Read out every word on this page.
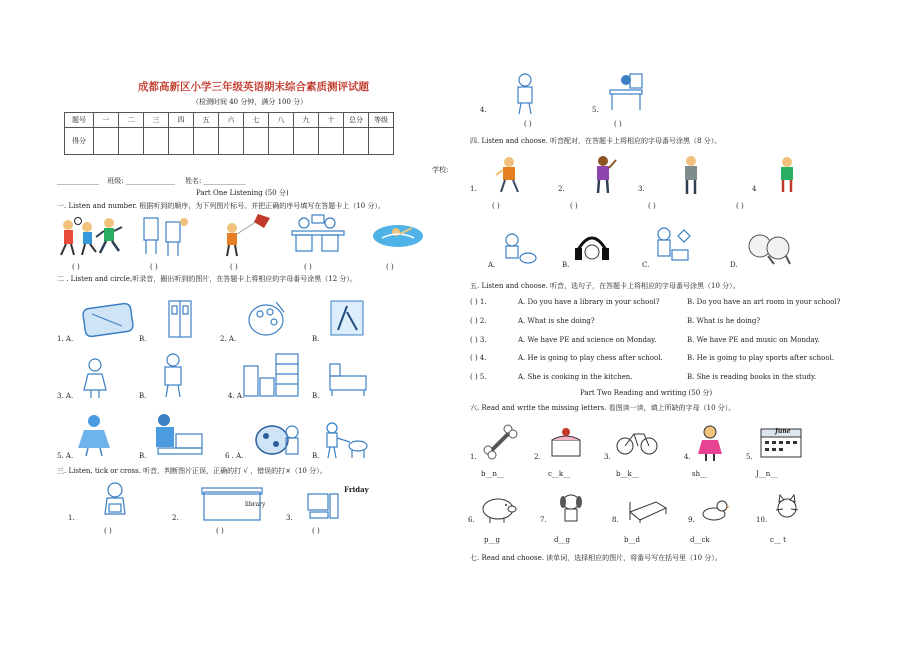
成都高新区小学三年级英语期末综合素质测评试题
（检测时间 40 分钟，满分 100 分）
题号	一	二	三	四	五	六	七	八	九	十	总分	等级
得分												
学校:
____________ 班级: ______________ 姓名: ____________
Part One Listening (50 分)
一. Listen and number. 根据听到的顺序，为下列图片标号。并把正确的序号填写在答题卡上（10 分）。
( )	( )	( )	( )	( )
二 . Listen and circle,听录音，圈出听到的图片，在答题卡上将相应的字母番号涂黑（12 分）。
1. A.	B.	2. A.	B.
3. A.	B.	4. A.	B.
5. A.	B.	6 . A.	B.
三. Listen, tick or cross. 听音，判断图片正误，正确的打 √ ，错误的打×（10 分）。
Friday
1.	2.
library
3.
( )	( )	( )
4.	5.
( )	( )
四. Listen and choose. 听音配对，在答题卡上将相应的字母番号涂黑（8 分）。
1.	2.	3.	4
( )	( )	( )	( )
A.	B.	C.	D.
五. Listen and choose. 听音，选句子，在答题卡上将相应的字母番号涂黑（10 分）。
( ) 1.	A. Do you have a library in your school?	B. Do you have an art room in your school?
( ) 2.	A. What is she doing?	B. What is he doing?
( ) 3.	A. We have PE and science on Monday.	B. We have PE and music on Monday.
( ) 4.	A. He is going to play chess after school.	B. He is going to play sports after school.
( ) 5.	A. She is cooking in the kitchen.	B. She is reading books in the study.
Part Two Reading and writing (50 分)
六. Read and write the missing letters. 看图读一读，填上所缺的字母（10 分）。
1.	2.	3.	4.	5.
June
b__n__	c__k__	b__k__	sh__	J__n__
6.	7.	8.	9.	10.
p__g	d__g	b__d	d__ck	c__ t
七. Read and choose. 读单词，选择相应的图片，将番号写在括号里（10 分）。
